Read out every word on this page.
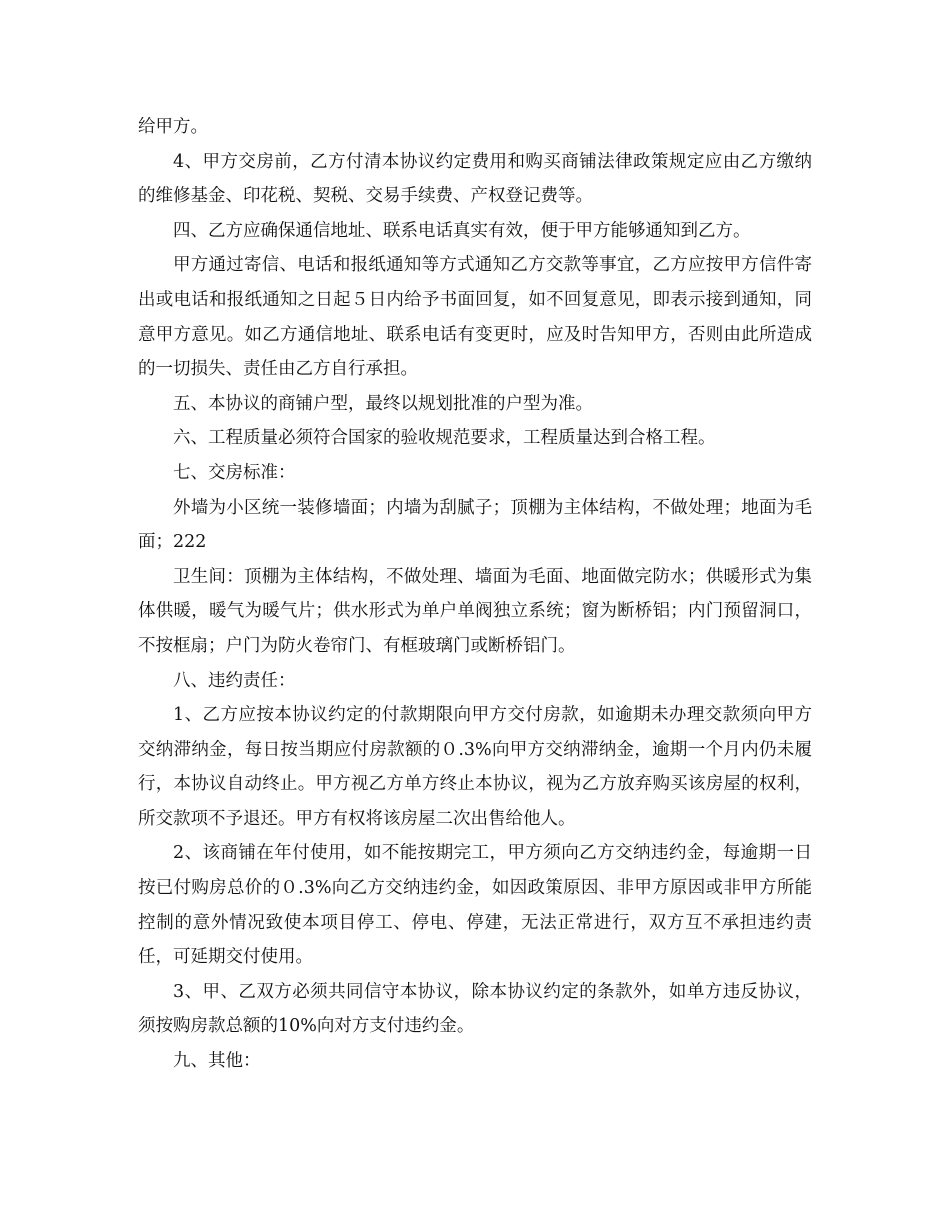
给甲方。

4、甲方交房前，乙方付清本协议约定费用和购买商铺法律政策规定应由乙方缴纳的维修基金、印花税、契税、交易手续费、产权登记费等。

四、乙方应确保通信地址、联系电话真实有效，便于甲方能够通知到乙方。

甲方通过寄信、电话和报纸通知等方式通知乙方交款等事宜，乙方应按甲方信件寄出或电话和报纸通知之日起５日内给予书面回复，如不回复意见，即表示接到通知，同意甲方意见。如乙方通信地址、联系电话有变更时，应及时告知甲方，否则由此所造成的一切损失、责任由乙方自行承担。

五、本协议的商铺户型，最终以规划批准的户型为准。

六、工程质量必须符合国家的验收规范要求，工程质量达到合格工程。

七、交房标准：

外墙为小区统一装修墙面；内墙为刮腻子；顶棚为主体结构，不做处理；地面为毛面；222

卫生间：顶棚为主体结构，不做处理、墙面为毛面、地面做完防水；供暖形式为集体供暖，暖气为暖气片；供水形式为单户单阀独立系统；窗为断桥铝；内门预留洞口，不按框扇；户门为防火卷帘门、有框玻璃门或断桥铝门。

八、违约责任：

1、乙方应按本协议约定的付款期限向甲方交付房款，如逾期未办理交款须向甲方交纳滞纳金，每日按当期应付房款额的０.3%向甲方交纳滞纳金，逾期一个月内仍未履行，本协议自动终止。甲方视乙方单方终止本协议，视为乙方放弃购买该房屋的权利，所交款项不予退还。甲方有权将该房屋二次出售给他人。

2、该商铺在年付使用，如不能按期完工，甲方须向乙方交纳违约金，每逾期一日按已付购房总价的０.3%向乙方交纳违约金，如因政策原因、非甲方原因或非甲方所能控制的意外情况致使本项目停工、停电、停建，无法正常进行，双方互不承担违约责任，可延期交付使用。

3、甲、乙双方必须共同信守本协议，除本协议约定的条款外，如单方违反协议，须按购房款总额的10%向对方支付违约金。

九、其他：
